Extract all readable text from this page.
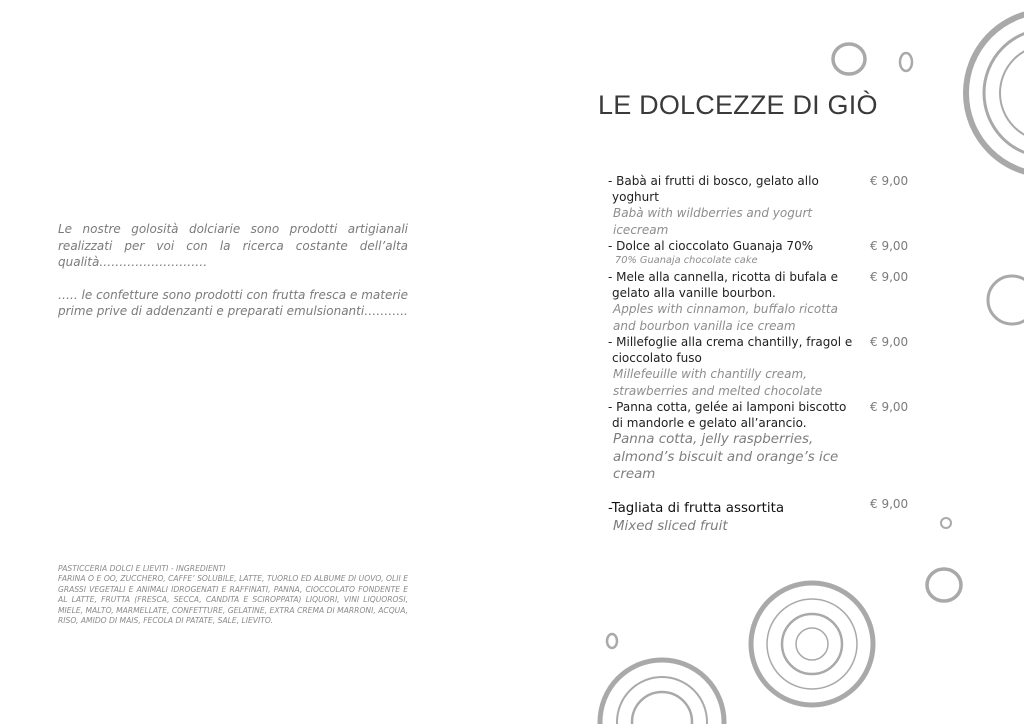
Le nostre golosità dolciarie sono prodotti artigianali realizzati per voi con la ricerca costante dell’alta qualità………………………

….. le confetture sono prodotti con frutta fresca e materie prime prive di addenzanti e preparati emulsionanti………..

PASTICCERIA DOLCI E LIEVITI - INGREDIENTI

FARINA O E OO, ZUCCHERO, CAFFE’ SOLUBILE, LATTE, TUORLO ED ALBUME DI UOVO, OLII E GRASSI VEGETALI E ANIMALI IDROGENATI E RAFFINATI, PANNA, CIOCCOLATO FONDENTE E AL LATTE, FRUTTA (FRESCA, SECCA, CANDITA E SCIROPPATA) LIQUORI, VINI LIQUOROSI, MIELE, MALTO, MARMELLATE, CONFETTURE, GELATINE, EXTRA CREMA DI MARRONI, ACQUA, RISO, AMIDO DI MAIS, FECOLA DI PATATE, SALE, LIEVITO.

LE DOLCEZZE DI GIÒ
- Babà ai frutti di bosco, gelato allo yoghurt
Babà with wildberries and yogurt icecream
€ 9,00
- Dolce al cioccolato Guanaja 70%
70% Guanaja chocolate cake
€ 9,00
- Mele alla cannella, ricotta di bufala e gelato alla vanille bourbon.
Apples with cinnamon, buffalo ricotta and bourbon vanilla ice cream
€ 9,00
- Millefoglie alla crema chantilly, fragol e cioccolato fuso
Millefeuille with chantilly cream, strawberries and melted chocolate
€ 9,00
- Panna cotta, gelée ai lamponi biscotto di mandorle e gelato all’arancio.
Panna cotta, jelly raspberries, almond’s biscuit and orange’s ice cream
€ 9,00
-Tagliata di frutta assortita
Mixed sliced fruit
€ 9,00
